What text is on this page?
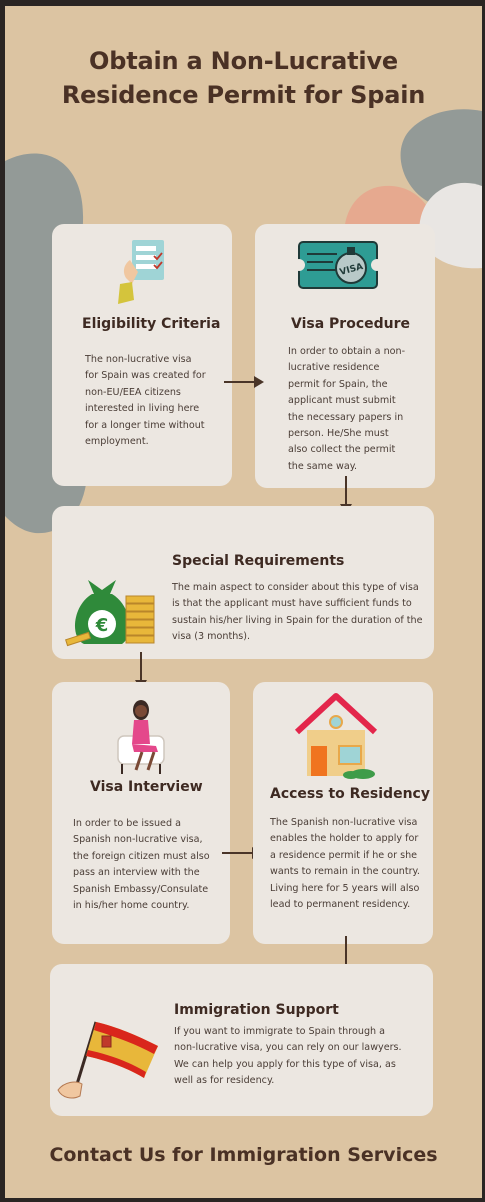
Obtain a Non-Lucrative
Residence Permit for Spain
Eligibility Criteria

The non-lucrative visa for Spain was created for non-EU/EEA citizens interested in living here for a longer time without employment.

VISA
Visa Procedure

In order to obtain a non-lucrative residence permit for Spain, the applicant must submit the necessary papers in person. He/She must also collect the permit the same way.

€
Special Requirements

The main aspect to consider about this type of visa is that the applicant must have sufficient funds to sustain his/her living in Spain for the duration of the visa (3 months).

Visa Interview

In order to be issued a Spanish non-lucrative visa, the foreign citizen must also pass an interview with the Spanish Embassy/Consulate in his/her home country.

Access to Residency

The Spanish non-lucrative visa enables the holder to apply for a residence permit if he or she wants to remain in the country. Living here for 5 years will also lead to permanent residency.

Immigration Support

If you want to immigrate to Spain through a non-lucrative visa, you can rely on our lawyers. We can help you apply for this type of visa, as well as for residency.

Contact Us for Immigration Services
